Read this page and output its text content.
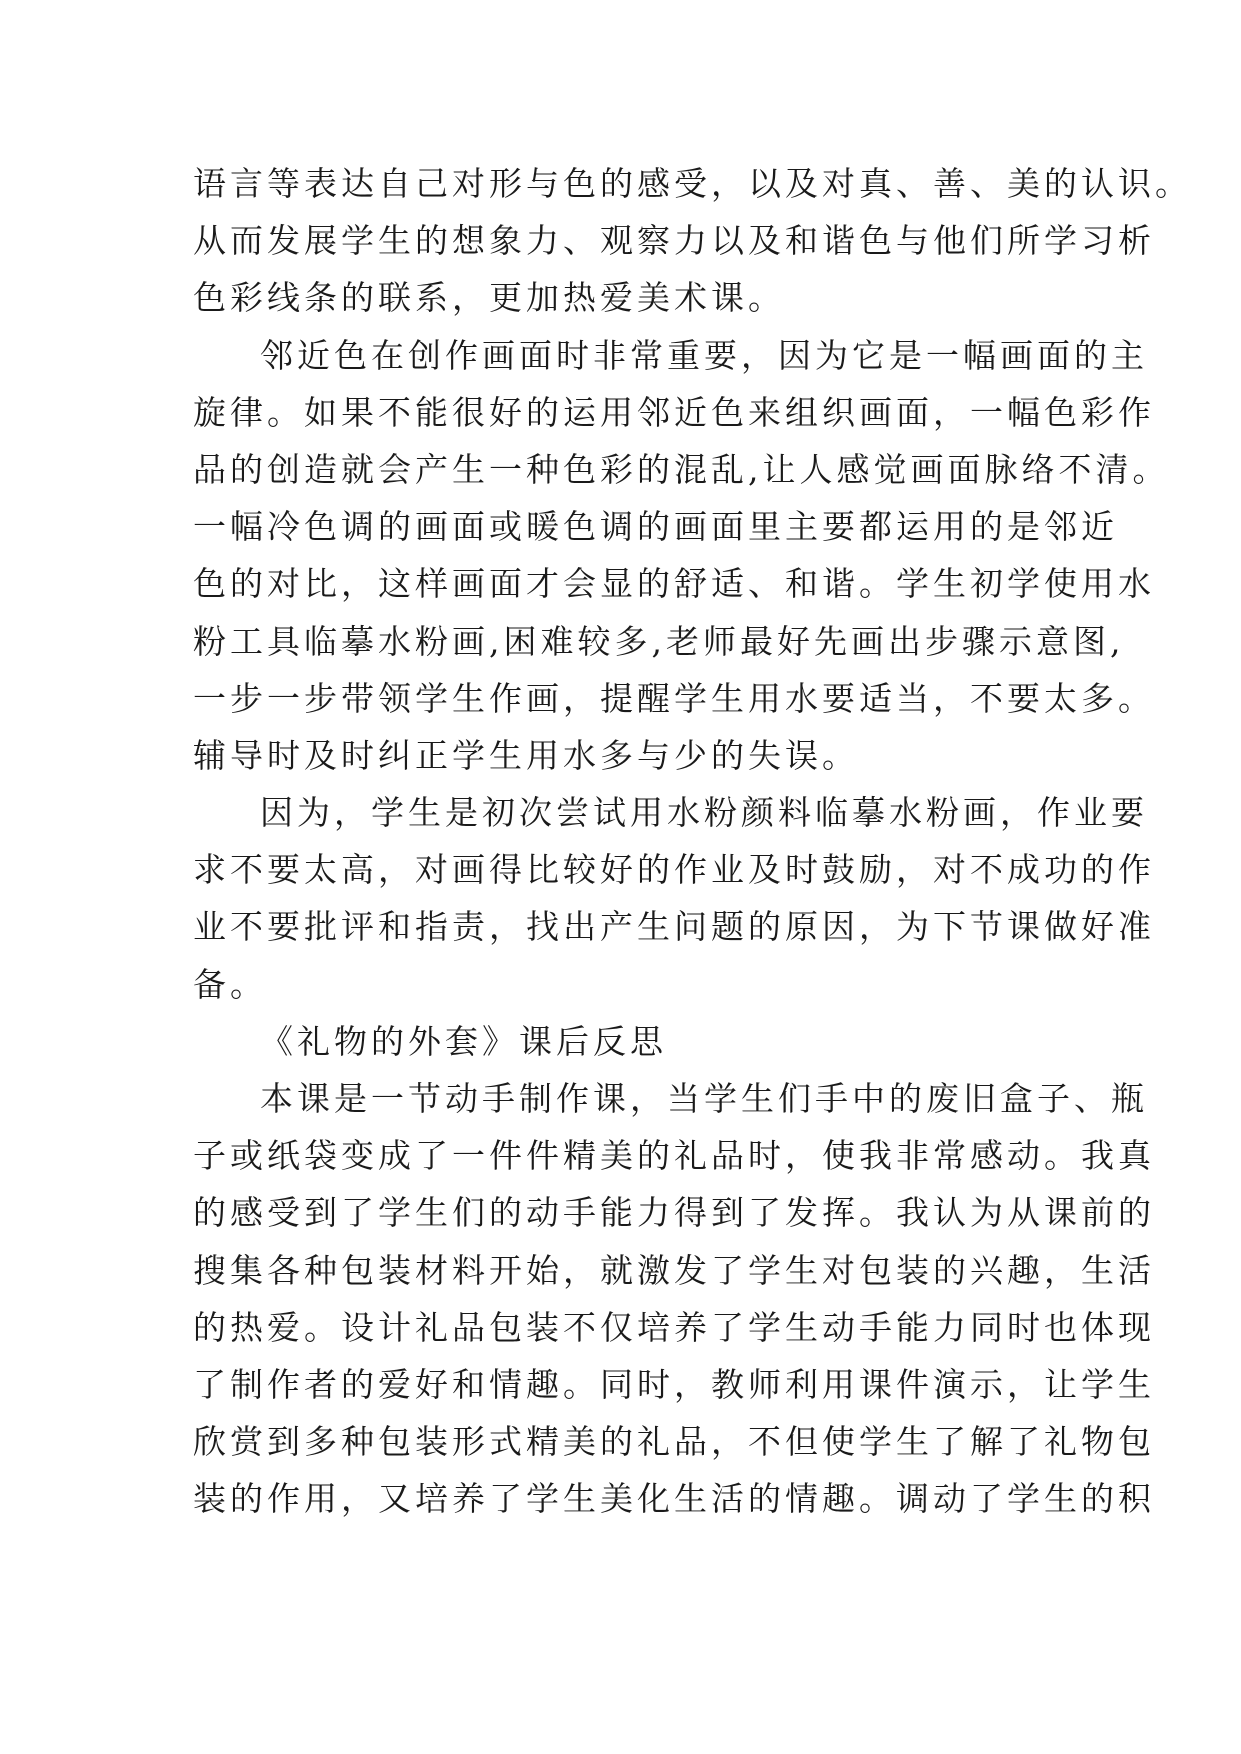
语言等表达自己对形与色的感受，以及对真、善、美的认识。
从而发展学生的想象力、观察力以及和谐色与他们所学习析
色彩线条的联系，更加热爱美术课。
邻近色在创作画面时非常重要，因为它是一幅画面的主
旋律。如果不能很好的运用邻近色来组织画面，一幅色彩作
品的创造就会产生一种色彩的混乱,让人感觉画面脉络不清。
一幅冷色调的画面或暖色调的画面里主要都运用的是邻近
色的对比，这样画面才会显的舒适、和谐。学生初学使用水
粉工具临摹水粉画,困难较多,老师最好先画出步骤示意图,
一步一步带领学生作画，提醒学生用水要适当，不要太多。
辅导时及时纠正学生用水多与少的失误。
因为，学生是初次尝试用水粉颜料临摹水粉画，作业要
求不要太高，对画得比较好的作业及时鼓励，对不成功的作
业不要批评和指责，找出产生问题的原因，为下节课做好准
备。
《礼物的外套》课后反思
本课是一节动手制作课，当学生们手中的废旧盒子、瓶
子或纸袋变成了一件件精美的礼品时，使我非常感动。我真
的感受到了学生们的动手能力得到了发挥。我认为从课前的
搜集各种包装材料开始，就激发了学生对包装的兴趣，生活
的热爱。设计礼品包装不仅培养了学生动手能力同时也体现
了制作者的爱好和情趣。同时，教师利用课件演示，让学生
欣赏到多种包装形式精美的礼品，不但使学生了解了礼物包
装的作用，又培养了学生美化生活的情趣。调动了学生的积
